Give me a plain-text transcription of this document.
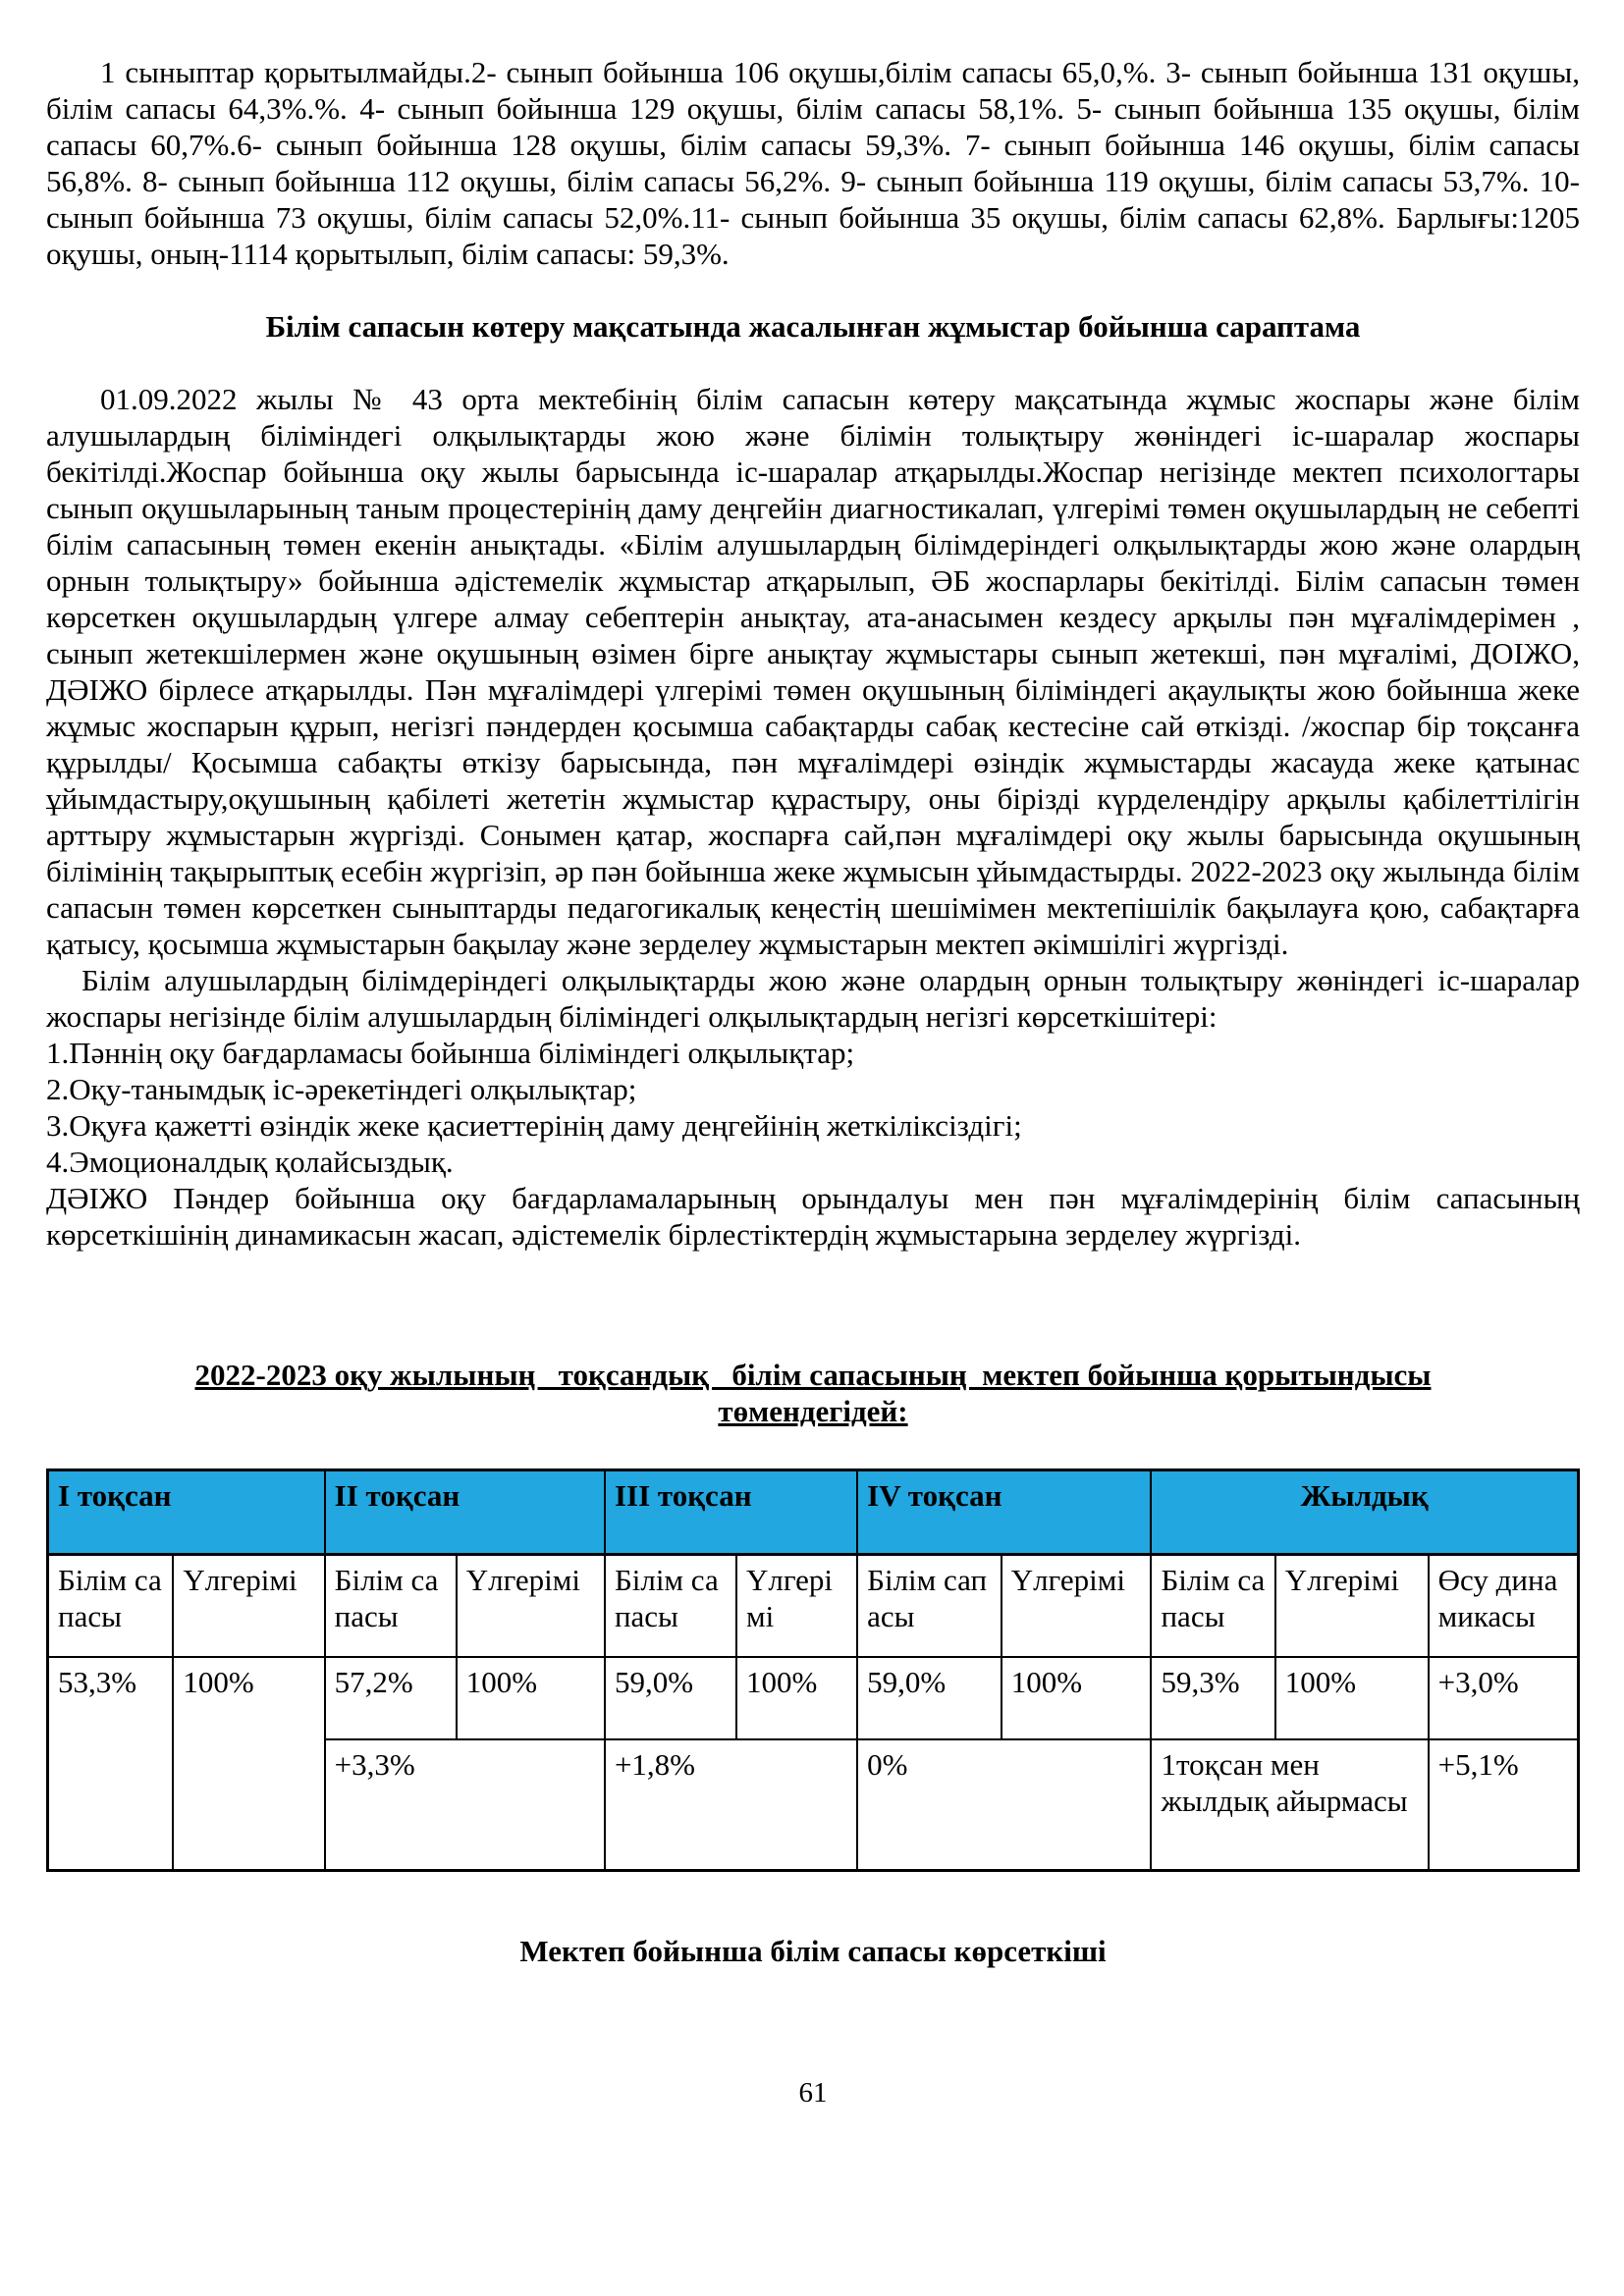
1 сыныптар қорытылмайды.2- сынып бойынша 106 оқушы,білім сапасы 65,0,%. 3- сынып бойынша 131 оқушы, білім сапасы 64,3%.%. 4- сынып бойынша 129 оқушы, білім сапасы 58,1%. 5- сынып бойынша 135 оқушы, білім сапасы 60,7%.6- сынып бойынша 128 оқушы, білім сапасы 59,3%. 7- сынып бойынша 146 оқушы, білім сапасы 56,8%. 8- сынып бойынша 112 оқушы, білім сапасы 56,2%. 9- сынып бойынша 119 оқушы, білім сапасы 53,7%. 10- сынып бойынша 73 оқушы, білім сапасы 52,0%.11- сынып бойынша 35 оқушы, білім сапасы 62,8%. Барлығы:1205 оқушы, оның-1114 қорытылып, білім сапасы: 59,3%.

Білім сапасын көтеру мақсатында жасалынған жұмыстар бойынша сараптама

01.09.2022 жылы № 43 орта мектебінің білім сапасын көтеру мақсатында жұмыс жоспары және білім алушылардың біліміндегі олқылықтарды жою және білімін толықтыру жөніндегі іс-шаралар жоспары бекітілді.Жоспар бойынша оқу жылы барысында іс-шаралар атқарылды.Жоспар негізінде мектеп психологтары сынып оқушыларының таным процестерінің даму деңгейін диагностикалап, үлгерімі төмен оқушылардың не себепті білім сапасының төмен екенін анықтады. «Білім алушылардың білімдеріндегі олқылықтарды жою және олардың орнын толықтыру» бойынша әдістемелік жұмыстар атқарылып, ӘБ жоспарлары бекітілді. Білім сапасын төмен көрсеткен оқушылардың үлгере алмау себептерін анықтау, ата-анасымен кездесу арқылы пән мұғалімдерімен , сынып жетекшілермен және оқушының өзімен бірге анықтау жұмыстары сынып жетекші, пән мұғалімі, ДОІЖО, ДӘІЖО бірлесе атқарылды. Пән мұғалімдері үлгерімі төмен оқушының біліміндегі ақаулықты жою бойынша жеке жұмыс жоспарын құрып, негізгі пәндерден қосымша сабақтарды сабақ кестесіне сай өткізді. /жоспар бір тоқсанға құрылды/ Қосымша сабақты өткізу барысында, пән мұғалімдері өзіндік жұмыстарды жасауда жеке қатынас ұйымдастыру,оқушының қабілеті жететін жұмыстар құрастыру, оны бірізді күрделендіру арқылы қабілеттілігін арттыру жұмыстарын жүргізді. Сонымен қатар, жоспарға сай,пән мұғалімдері оқу жылы барысында оқушының білімінің тақырыптық есебін жүргізіп, әр пән бойынша жеке жұмысын ұйымдастырды. 2022-2023 оқу жылында білім сапасын төмен көрсеткен сыныптарды педагогикалық кеңестің шешімімен мектепішілік бақылауға қою, сабақтарға қатысу, қосымша жұмыстарын бақылау және зерделеу жұмыстарын мектеп әкімшілігі жүргізді.

Білім алушылардың білімдеріндегі олқылықтарды жою және олардың орнын толықтыру жөніндегі іс-шаралар жоспары негізінде білім алушылардың біліміндегі олқылықтардың негізгі көрсеткішітері:

1.Пәннің оқу бағдарламасы бойынша біліміндегі олқылықтар;

2.Оқу-танымдық іс-әрекетіндегі олқылықтар;

3.Оқуға қажетті өзіндік жеке қасиеттерінің даму деңгейінің жеткіліксіздігі;

4.Эмоционалдық қолайсыздық.

ДӘІЖО Пәндер бойынша оқу бағдарламаларының орындалуы мен пән мұғалімдерінің білім сапасының көрсеткішінің динамикасын жасап, әдістемелік бірлестіктердің жұмыстарына зерделеу жүргізді.

2022-2023 оқу жылының   тоқсандық   білім сапасының  мектеп бойынша қорытындысы
төмендегідей:
І тоқсан		ІІ тоқсан		ІІІ тоқсан		IV тоқсан		Жылдық		
Білім сапасы	Үлгерімі	Білім сапасы	Үлгерімі	Білім сапасы	Үлгерімі	Білім сапасы	Үлгерімі	Білім сапасы	Үлгерімі	Өсу динамикасы
53,3%	100%	57,2%	100%	59,0%	100%	59,0%	100%	59,3%	100%	+3,0%
		+3,3%		+1,8%		0%		1тоқсан мен жылдық айырмасы		+5,1%

Мектеп бойынша білім сапасы көрсеткіші

61
